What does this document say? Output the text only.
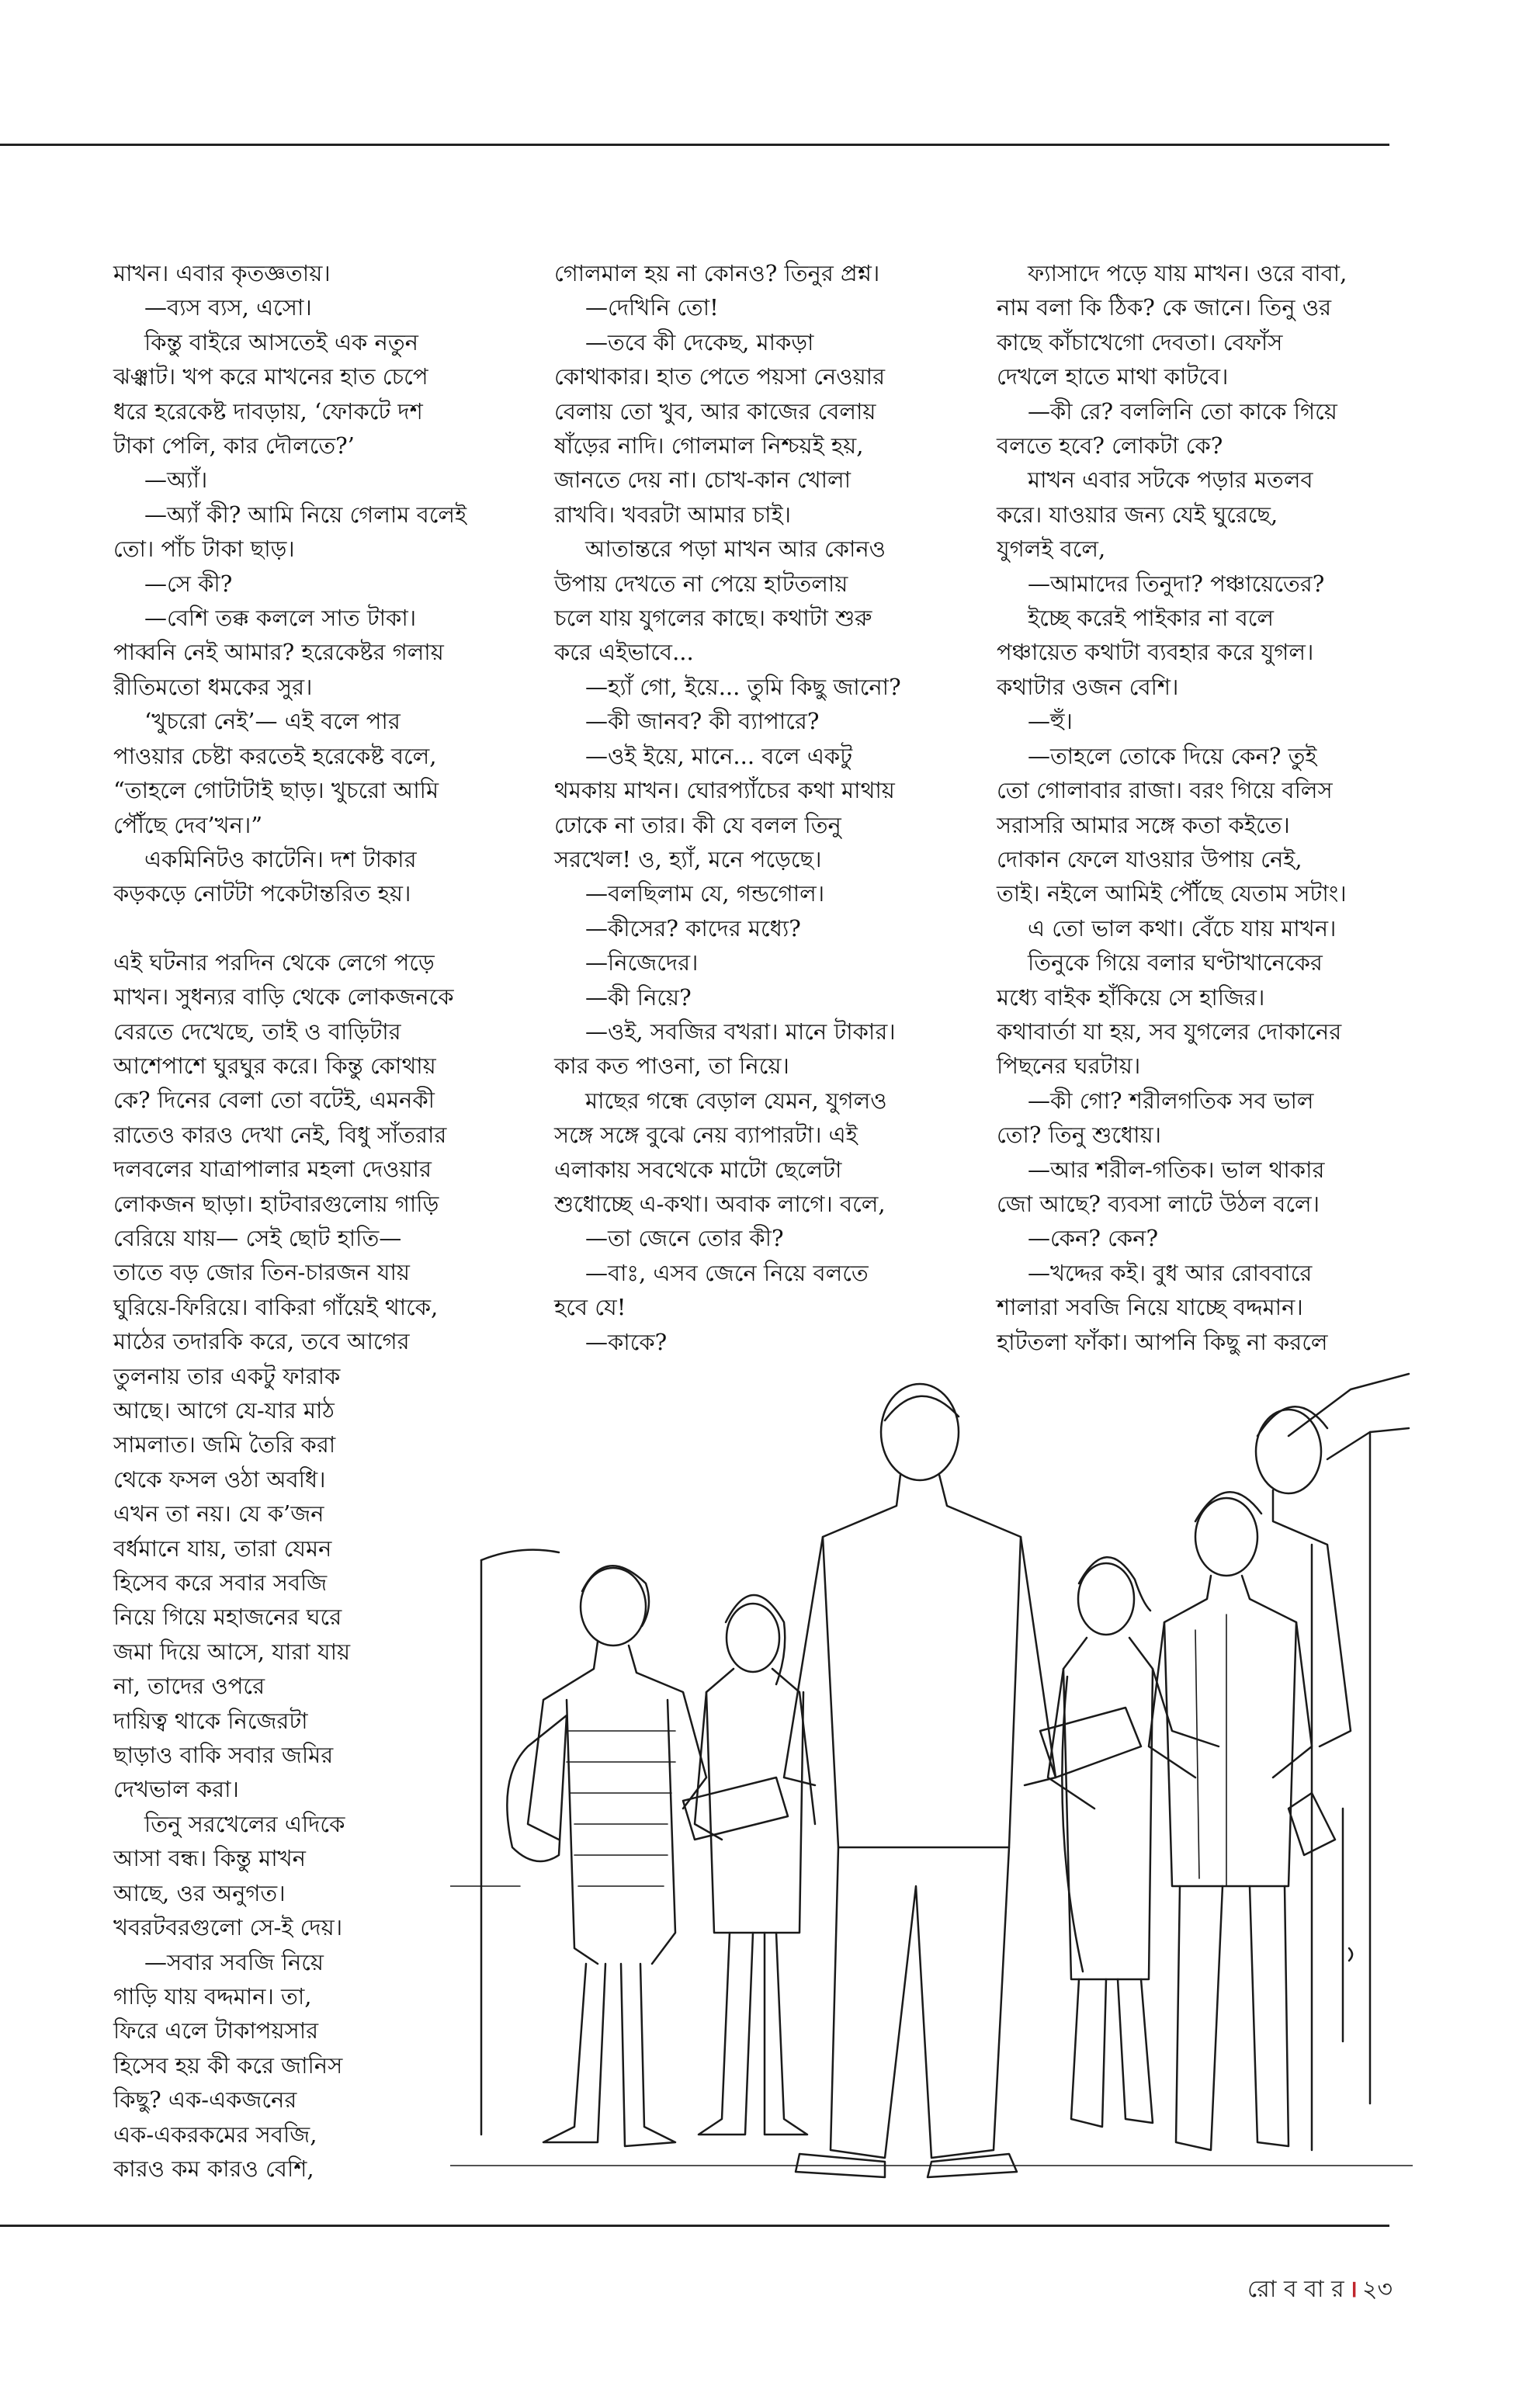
মাখন। এবার কৃতজ্ঞতায়।

—ব্যস ব্যস, এসো।

কিন্তু বাইরে আসতেই এক নতুন

ঝঞ্ঝাট। খপ করে মাখনের হাত চেপে

ধরে হরেকেষ্ট দাবড়ায়, ‘ফোকটে দশ

টাকা পেলি, কার দৌলতে?’

—অ্যাঁ।

—অ্যাঁ কী? আমি নিয়ে গেলাম বলেই

তো। পাঁচ টাকা ছাড়।

—সে কী?

—বেশি তক্ক কললে সাত টাকা।

পাব্বনি নেই আমার? হরেকেষ্টর গলায়

রীতিমতো ধমকের সুর।

‘খুচরো নেই’— এই বলে পার

পাওয়ার চেষ্টা করতেই হরেকেষ্ট বলে,

“তাহলে গোটাটাই ছাড়। খুচরো আমি

পৌঁছে দেব’খন।”

একমিনিটও কাটেনি। দশ টাকার

কড়কড়ে নোটটা পকেটান্তরিত হয়।

এই ঘটনার পরদিন থেকে লেগে পড়ে

মাখন। সুধন্যর বাড়ি থেকে লোকজনকে

বেরতে দেখেছে, তাই ও বাড়িটার

আশেপাশে ঘুরঘুর করে। কিন্তু কোথায়

কে? দিনের বেলা তো বটেই, এমনকী

রাতেও কারও দেখা নেই, বিধু সাঁতরার

দলবলের যাত্রাপালার মহলা দেওয়ার

লোকজন ছাড়া। হাটবারগুলোয় গাড়ি

বেরিয়ে যায়— সেই ছোট হাতি—

তাতে বড় জোর তিন-চারজন যায়

ঘুরিয়ে-ফিরিয়ে। বাকিরা গাঁয়েই থাকে,

মাঠের তদারকি করে, তবে আগের

তুলনায় তার একটু ফারাক

আছে। আগে যে-যার মাঠ

সামলাত। জমি তৈরি করা

থেকে ফসল ওঠা অবধি।

এখন তা নয়। যে ক’জন

বর্ধমানে যায়, তারা যেমন

হিসেব করে সবার সবজি

নিয়ে গিয়ে মহাজনের ঘরে

জমা দিয়ে আসে, যারা যায়

না, তাদের ওপরে

দায়িত্ব থাকে নিজেরটা

ছাড়াও বাকি সবার জমির

দেখভাল করা।

তিনু সরখেলের এদিকে

আসা বন্ধ। কিন্তু মাখন

আছে, ওর অনুগত।

খবরটবরগুলো সে-ই দেয়।

—সবার সবজি নিয়ে

গাড়ি যায় বদ্দমান। তা,

ফিরে এলে টাকাপয়সার

হিসেব হয় কী করে জানিস

কিছু? এক-একজনের

এক-একরকমের সবজি,

কারও কম কারও বেশি,

গোলমাল হয় না কোনও? তিনুর প্রশ্ন।

—দেখিনি তো!

—তবে কী দেকেছ, মাকড়া

কোথাকার। হাত পেতে পয়সা নেওয়ার

বেলায় তো খুব, আর কাজের বেলায়

ষাঁড়ের নাদি। গোলমাল নিশ্চয়ই হয়,

জানতে দেয় না। চোখ-কান খোলা

রাখবি। খবরটা আমার চাই।

আতান্তরে পড়া মাখন আর কোনও

উপায় দেখতে না পেয়ে হাটতলায়

চলে যায় যুগলের কাছে। কথাটা শুরু

করে এইভাবে...

—হ্যাঁ গো, ইয়ে... তুমি কিছু জানো?

—কী জানব? কী ব্যাপারে?

—ওই ইয়ে, মানে... বলে একটু

থমকায় মাখন। ঘোরপ্যাঁচের কথা মাথায়

ঢোকে না তার। কী যে বলল তিনু

সরখেল! ও, হ্যাঁ, মনে পড়েছে।

—বলছিলাম যে, গন্ডগোল।

—কীসের? কাদের মধ্যে?

—নিজেদের।

—কী নিয়ে?

—ওই, সবজির বখরা। মানে টাকার।

কার কত পাওনা, তা নিয়ে।

মাছের গন্ধে বেড়াল যেমন, যুগলও

সঙ্গে সঙ্গে বুঝে নেয় ব্যাপারটা। এই

এলাকায় সবথেকে মাটো ছেলেটা

শুধোচ্ছে এ-কথা। অবাক লাগে। বলে,

—তা জেনে তোর কী?

—বাঃ, এসব জেনে নিয়ে বলতে

হবে যে!

—কাকে?

ফ্যাসাদে পড়ে যায় মাখন। ওরে বাবা,

নাম বলা কি ঠিক? কে জানে। তিনু ওর

কাছে কাঁচাখেগো দেবতা। বেফাঁস

দেখলে হাতে মাথা কাটবে।

—কী রে? বললিনি তো কাকে গিয়ে

বলতে হবে? লোকটা কে?

মাখন এবার সটকে পড়ার মতলব

করে। যাওয়ার জন্য যেই ঘুরেছে,

যুগলই বলে,

—আমাদের তিনুদা? পঞ্চায়েতের?

ইচ্ছে করেই পাইকার না বলে

পঞ্চায়েত কথাটা ব্যবহার করে যুগল।

কথাটার ওজন বেশি।

—হুঁ।

—তাহলে তোকে দিয়ে কেন? তুই

তো গোলাবার রাজা। বরং গিয়ে বলিস

সরাসরি আমার সঙ্গে কতা কইতে।

দোকান ফেলে যাওয়ার উপায় নেই,

তাই। নইলে আমিই পৌঁছে যেতাম সটাং।

এ তো ভাল কথা। বেঁচে যায় মাখন।

তিনুকে গিয়ে বলার ঘণ্টাখানেকের

মধ্যে বাইক হাঁকিয়ে সে হাজির।

কথাবার্তা যা হয়, সব যুগলের দোকানের

পিছনের ঘরটায়।

—কী গো? শরীলগতিক সব ভাল

তো? তিনু শুধোয়।

—আর শরীল-গতিক। ভাল থাকার

জো আছে? ব্যবসা লাটে উঠল বলে।

—কেন? কেন?

—খদ্দের কই। বুধ আর রোববারে

শালারা সবজি নিয়ে যাচ্ছে বদ্দমান।

হাটতলা ফাঁকা। আপনি কিছু না করলে

রো ব বা র । ২৩
